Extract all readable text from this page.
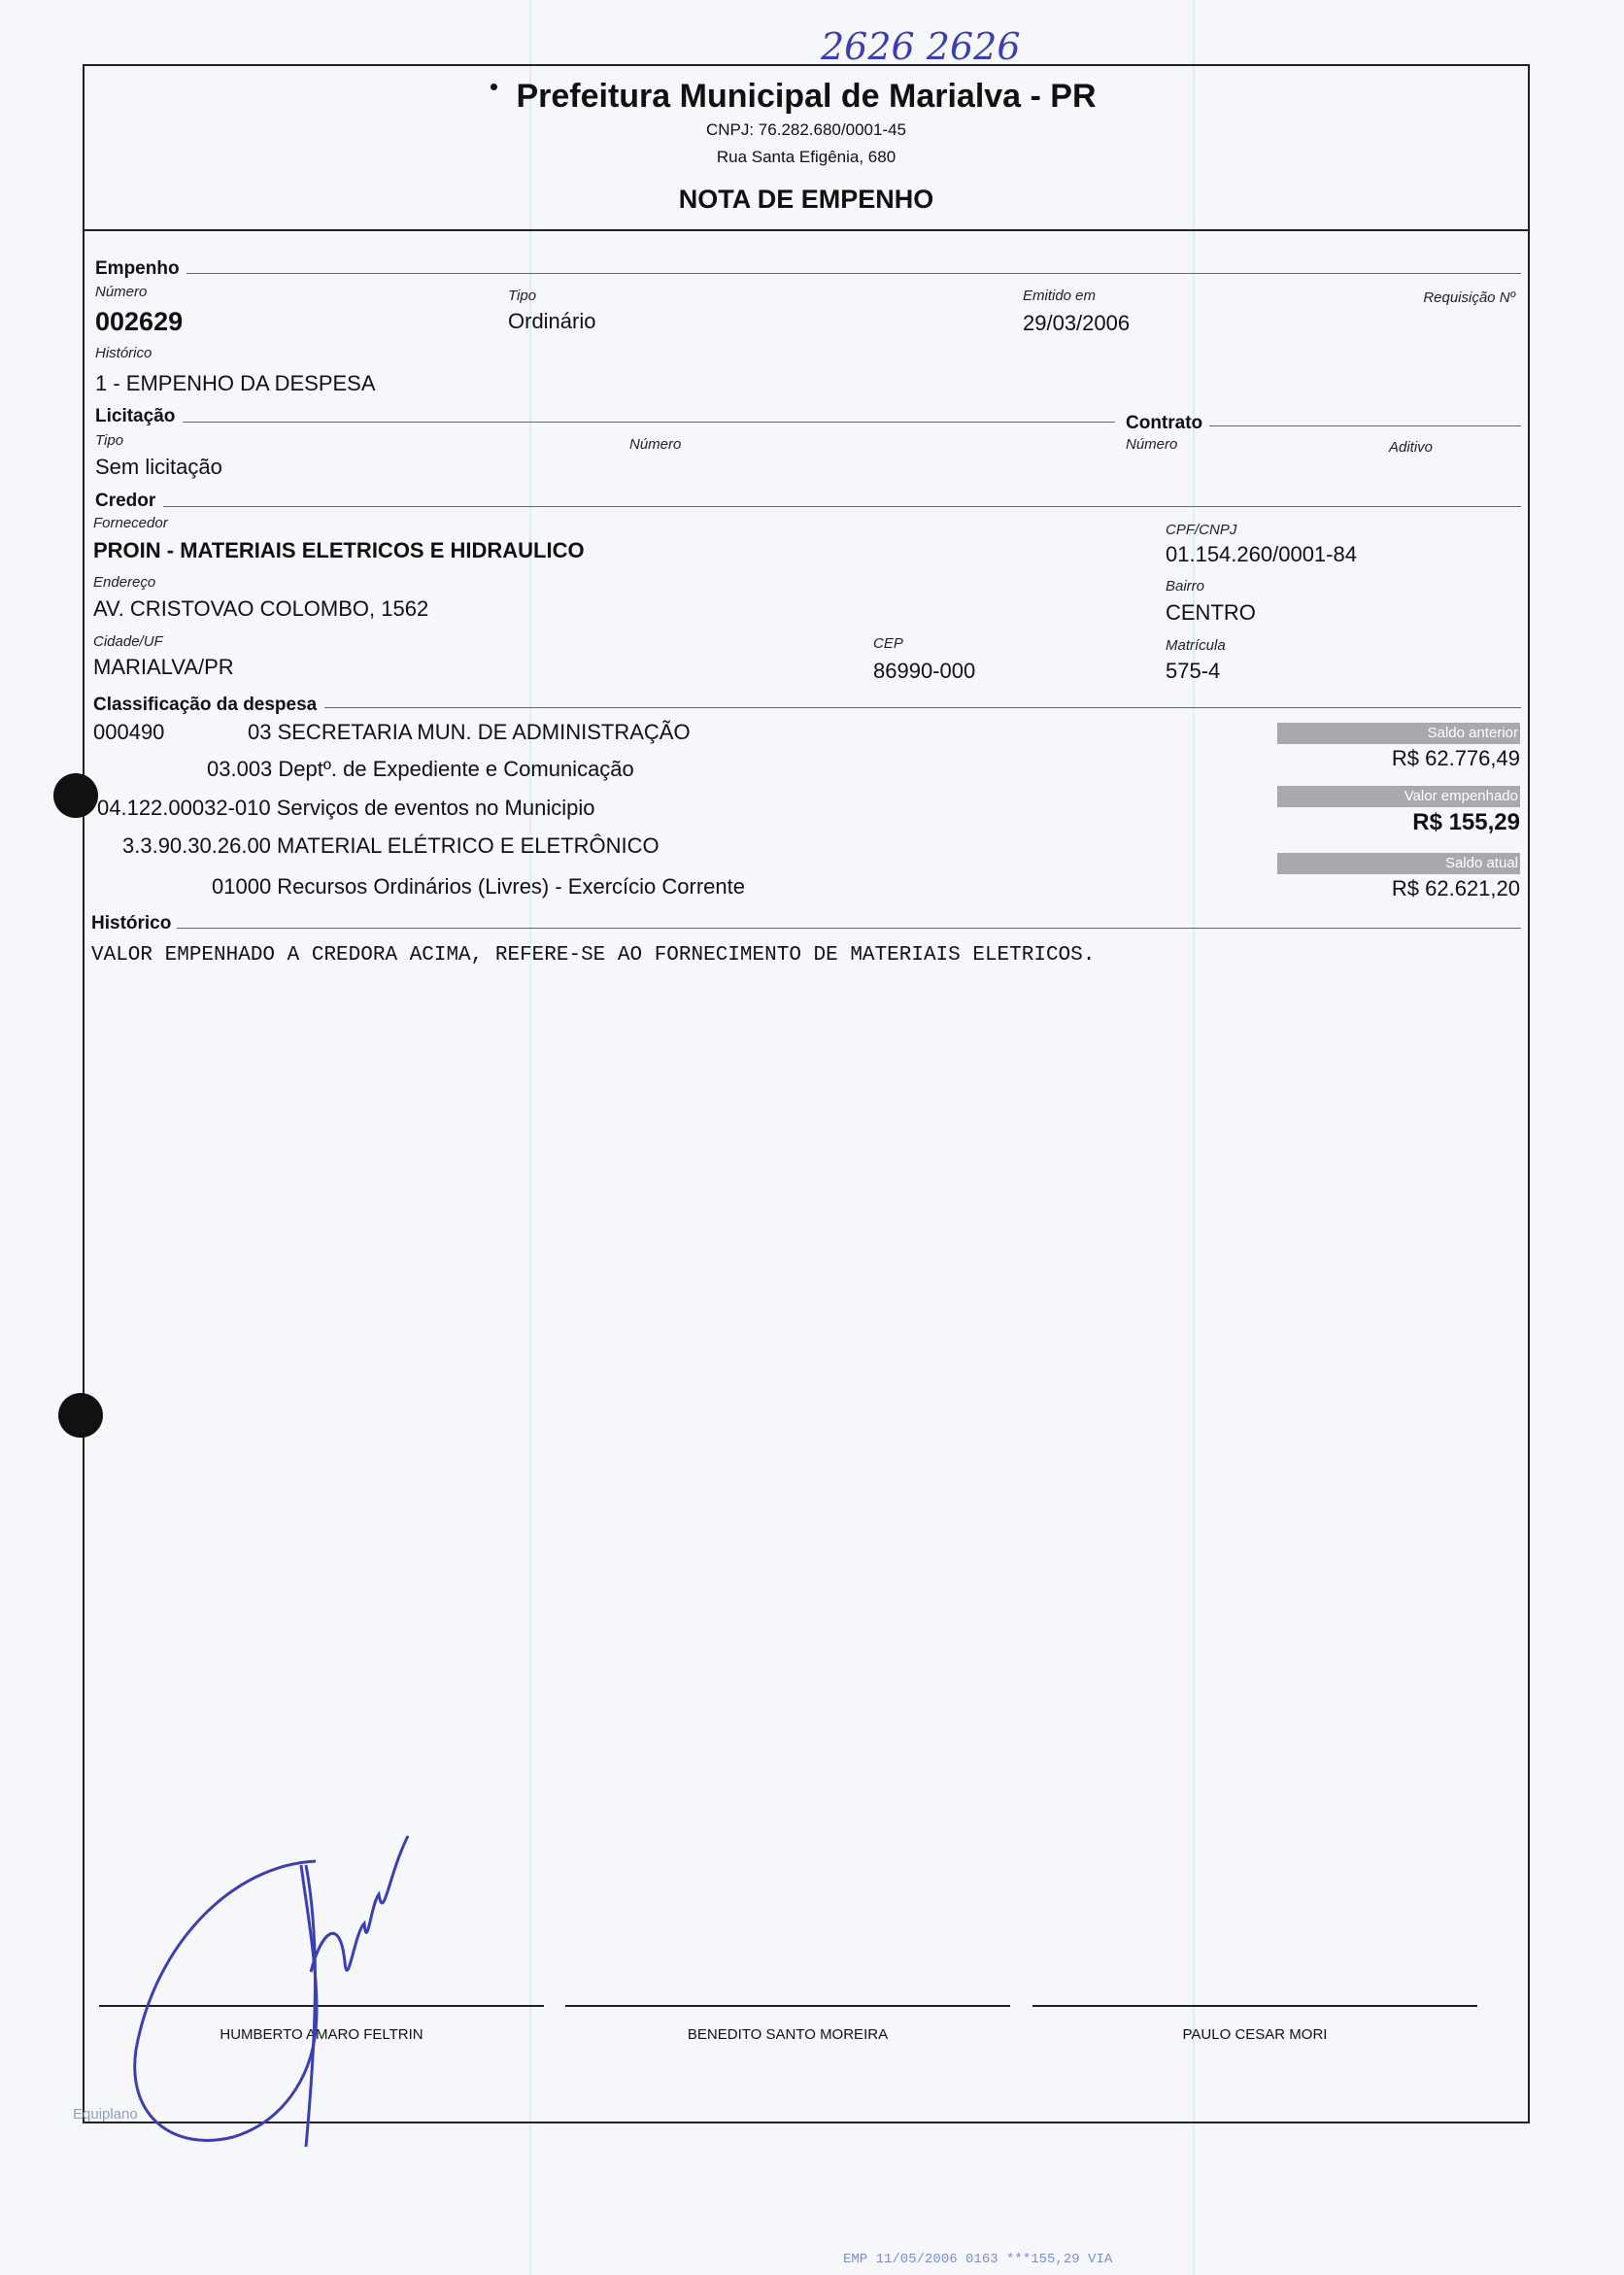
2626 2626
Prefeitura Municipal de Marialva - PR
CNPJ: 76.282.680/0001-45
Rua Santa Efigênia, 680
NOTA DE EMPENHO
Empenho
Número
002629
Tipo
Ordinário
Emitido em
29/03/2006
Requisição Nº
Histórico
1 - EMPENHO DA DESPESA
Licitação	Contrato
Tipo
Sem licitação
Número	Número	Aditivo
Credor
Fornecedor
PROIN - MATERIAIS ELETRICOS E HIDRAULICO
CPF/CNPJ
01.154.260/0001-84
Endereço
AV. CRISTOVAO COLOMBO, 1562
Bairro
CENTRO
Cidade/UF
MARIALVA/PR
CEP
86990-000
Matrícula
575-4
Classificação da despesa
000490	03 SECRETARIA MUN. DE ADMINISTRAÇÃO
03.003 Deptº. de Expediente e Comunicação
04.122.00032-010 Serviços de eventos no Municipio
3.3.90.30.26.00 MATERIAL ELÉTRICO E ELETRÔNICO
01000 Recursos Ordinários (Livres) - Exercício Corrente
Saldo anterior
R$ 62.776,49
Valor empenhado
R$ 155,29
Saldo atual
R$ 62.621,20
Histórico
VALOR EMPENHADO A CREDORA ACIMA, REFERE-SE AO FORNECIMENTO DE MATERIAIS ELETRICOS.
HUMBERTO AMARO FELTRIN	BENEDITO SANTO MOREIRA	PAULO CESAR MORI
Equiplano
EMP 11/05/2006 0163 ***155,29 VIA
